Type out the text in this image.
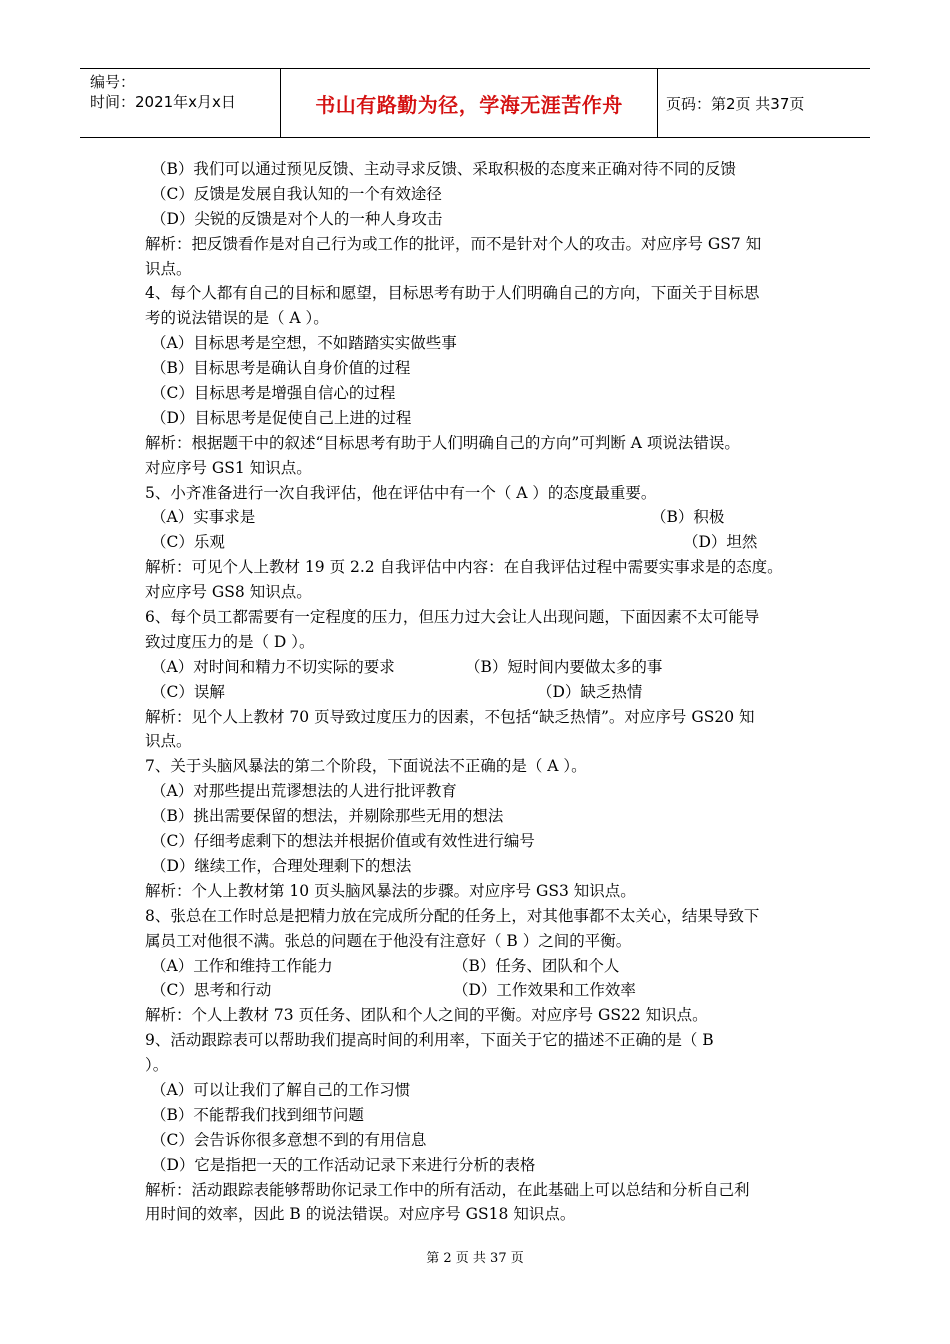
编号：
时间：2021年x月x日	书山有路勤为径，学海无涯苦作舟	页码：第2页 共37页
（B）我们可以通过预见反馈、主动寻求反馈、采取积极的态度来正确对待不同的反馈
（C）反馈是发展自我认知的一个有效途径
（D）尖锐的反馈是对个人的一种人身攻击
解析：把反馈看作是对自己行为或工作的批评，而不是针对个人的攻击。对应序号 GS7 知
识点。
4、每个人都有自己的目标和愿望，目标思考有助于人们明确自己的方向，下面关于目标思
考的说法错误的是（ A ）。
（A）目标思考是空想，不如踏踏实实做些事
（B）目标思考是确认自身价值的过程
（C）目标思考是增强自信心的过程
（D）目标思考是促使自己上进的过程
解析：根据题干中的叙述“目标思考有助于人们明确自己的方向”可判断 A 项说法错误。
对应序号 GS1 知识点。
5、小齐准备进行一次自我评估，他在评估中有一个（ A ）的态度最重要。
（A）实事求是	（B）积极
（C）乐观	（D）坦然
解析：可见个人上教材 19 页 2.2 自我评估中内容：在自我评估过程中需要实事求是的态度。
对应序号 GS8 知识点。
6、每个员工都需要有一定程度的压力，但压力过大会让人出现问题，下面因素不太可能导
致过度压力的是（ D ）。
（A）对时间和精力不切实际的要求	（B）短时间内要做太多的事
（C）误解	（D）缺乏热情
解析：见个人上教材 70 页导致过度压力的因素，不包括“缺乏热情”。对应序号 GS20 知
识点。
7、关于头脑风暴法的第二个阶段，下面说法不正确的是（ A ）。
（A）对那些提出荒谬想法的人进行批评教育
（B）挑出需要保留的想法，并剔除那些无用的想法
（C）仔细考虑剩下的想法并根据价值或有效性进行编号
（D）继续工作，合理处理剩下的想法
解析：个人上教材第 10 页头脑风暴法的步骤。对应序号 GS3 知识点。
8、张总在工作时总是把精力放在完成所分配的任务上，对其他事都不太关心，结果导致下
属员工对他很不满。张总的问题在于他没有注意好（ B ）之间的平衡。
（A）工作和维持工作能力	（B）任务、团队和个人
（C）思考和行动	（D）工作效果和工作效率
解析：个人上教材 73 页任务、团队和个人之间的平衡。对应序号 GS22 知识点。
9、活动跟踪表可以帮助我们提高时间的利用率，下面关于它的描述不正确的是（ B
）。
（A）可以让我们了解自己的工作习惯
（B）不能帮我们找到细节问题
（C）会告诉你很多意想不到的有用信息
（D）它是指把一天的工作活动记录下来进行分析的表格
解析：活动跟踪表能够帮助你记录工作中的所有活动，在此基础上可以总结和分析自己利
用时间的效率，因此 B 的说法错误。对应序号 GS18 知识点。
第 2 页 共 37 页
